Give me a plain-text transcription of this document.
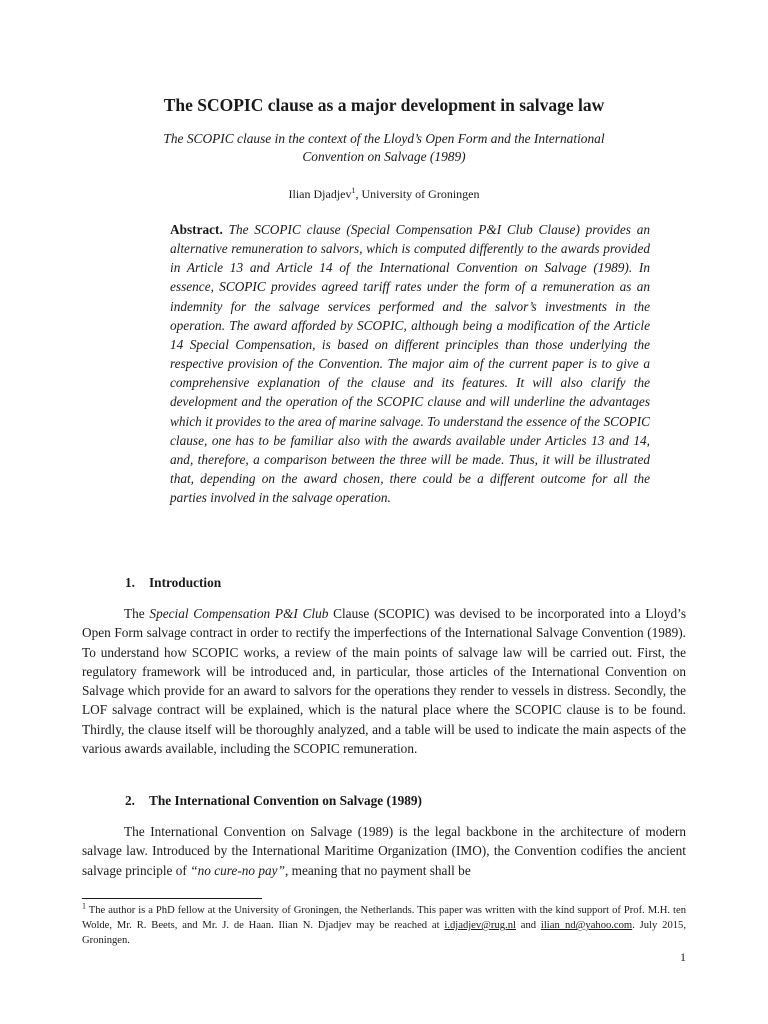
The SCOPIC clause as a major development in salvage law
The SCOPIC clause in the context of the Lloyd’s Open Form and the International Convention on Salvage (1989)
Ilian Djadjev$^1$, University of Groningen
Abstract. The SCOPIC clause (Special Compensation P&I Club Clause) provides an alternative remuneration to salvors, which is computed differently to the awards provided in Article 13 and Article 14 of the International Convention on Salvage (1989). In essence, SCOPIC provides agreed tariff rates under the form of a remuneration as an indemnity for the salvage services performed and the salvor’s investments in the operation. The award afforded by SCOPIC, although being a modification of the Article 14 Special Compensation, is based on different principles than those underlying the respective provision of the Convention. The major aim of the current paper is to give a comprehensive explanation of the clause and its features. It will also clarify the development and the operation of the SCOPIC clause and will underline the advantages which it provides to the area of marine salvage. To understand the essence of the SCOPIC clause, one has to be familiar also with the awards available under Articles 13 and 14, and, therefore, a comparison between the three will be made. Thus, it will be illustrated that, depending on the award chosen, there could be a different outcome for all the parties involved in the salvage operation.
1. Introduction
The Special Compensation P&I Club Clause (SCOPIC) was devised to be incorporated into a Lloyd’s Open Form salvage contract in order to rectify the imperfections of the International Salvage Convention (1989). To understand how SCOPIC works, a review of the main points of salvage law will be carried out. First, the regulatory framework will be introduced and, in particular, those articles of the International Convention on Salvage which provide for an award to salvors for the operations they render to vessels in distress. Secondly, the LOF salvage contract will be explained, which is the natural place where the SCOPIC clause is to be found. Thirdly, the clause itself will be thoroughly analyzed, and a table will be used to indicate the main aspects of the various awards available, including the SCOPIC remuneration.
2. The International Convention on Salvage (1989)
The International Convention on Salvage (1989) is the legal backbone in the architecture of modern salvage law. Introduced by the International Maritime Organization (IMO), the Convention codifies the ancient salvage principle of “no cure-no pay”, meaning that no payment shall be
$^1$ The author is a PhD fellow at the University of Groningen, the Netherlands. This paper was written with the kind support of Prof. M.H. ten Wolde, Mr. R. Beets, and Mr. J. de Haan. Ilian N. Djadjev may be reached at i.djadjev@rug.nl and ilian_nd@yahoo.com. July 2015, Groningen.
1
